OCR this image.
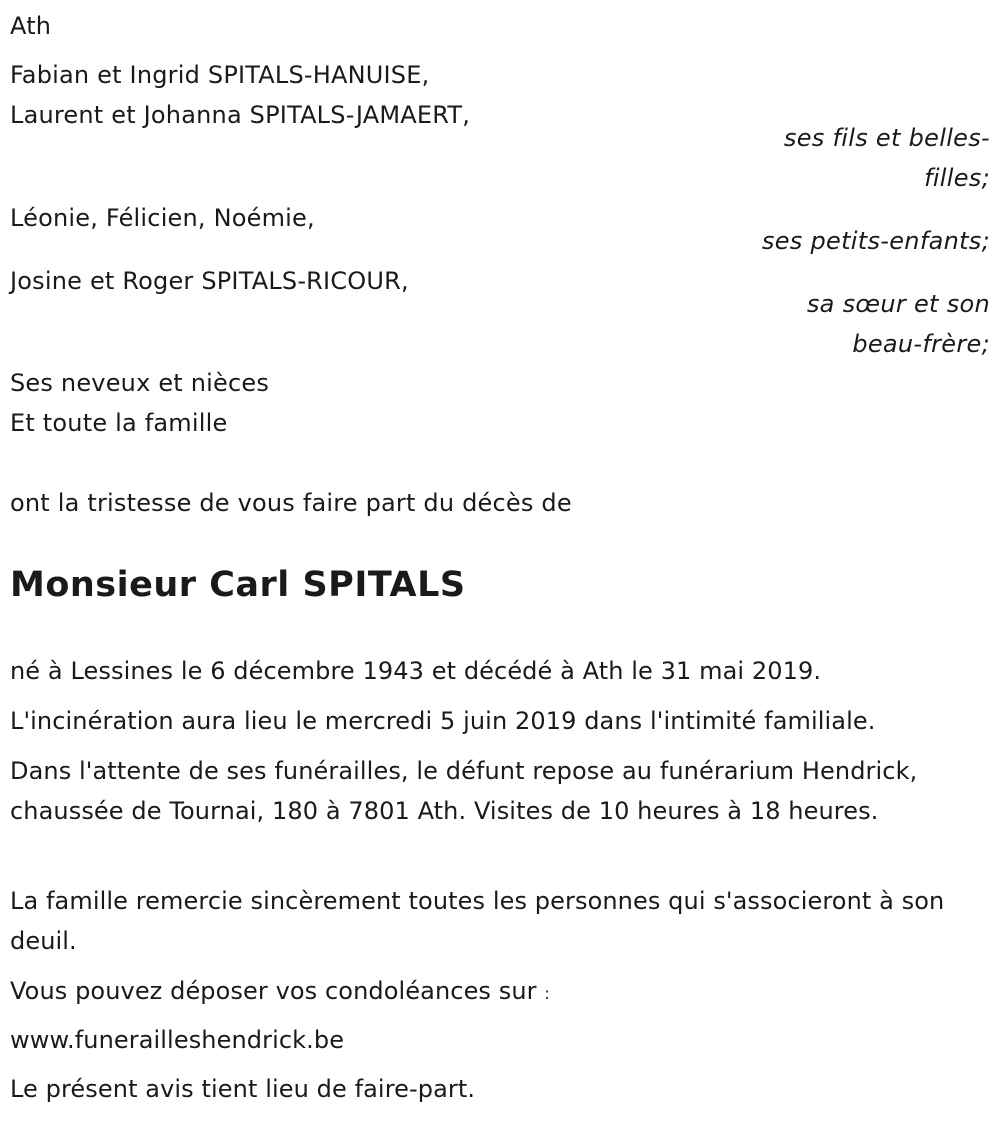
Ath
Fabian et Ingrid SPITALS-HANUISE,
Laurent et Johanna SPITALS-JAMAERT,
ses fils et belles-
filles;
Léonie, Félicien, Noémie,
ses petits-enfants;
Josine et Roger SPITALS-RICOUR,
sa sœur et son
beau-frère;
Ses neveux et nièces
Et toute la famille
ont la tristesse de vous faire part du décès de
Monsieur Carl SPITALS
né à Lessines le 6 décembre 1943 et décédé à Ath le 31 mai 2019.
L'incinération aura lieu le mercredi 5 juin 2019 dans l'intimité familiale.
Dans l'attente de ses funérailles, le défunt repose au funérarium Hendrick, chaussée de Tournai, 180 à 7801 Ath. Visites de 10 heures à 18 heures.
La famille remercie sincèrement toutes les personnes qui s'associeront à son deuil.
Vous pouvez déposer vos condoléances sur :
www.funerailleshendrick.be
Le présent avis tient lieu de faire-part.
